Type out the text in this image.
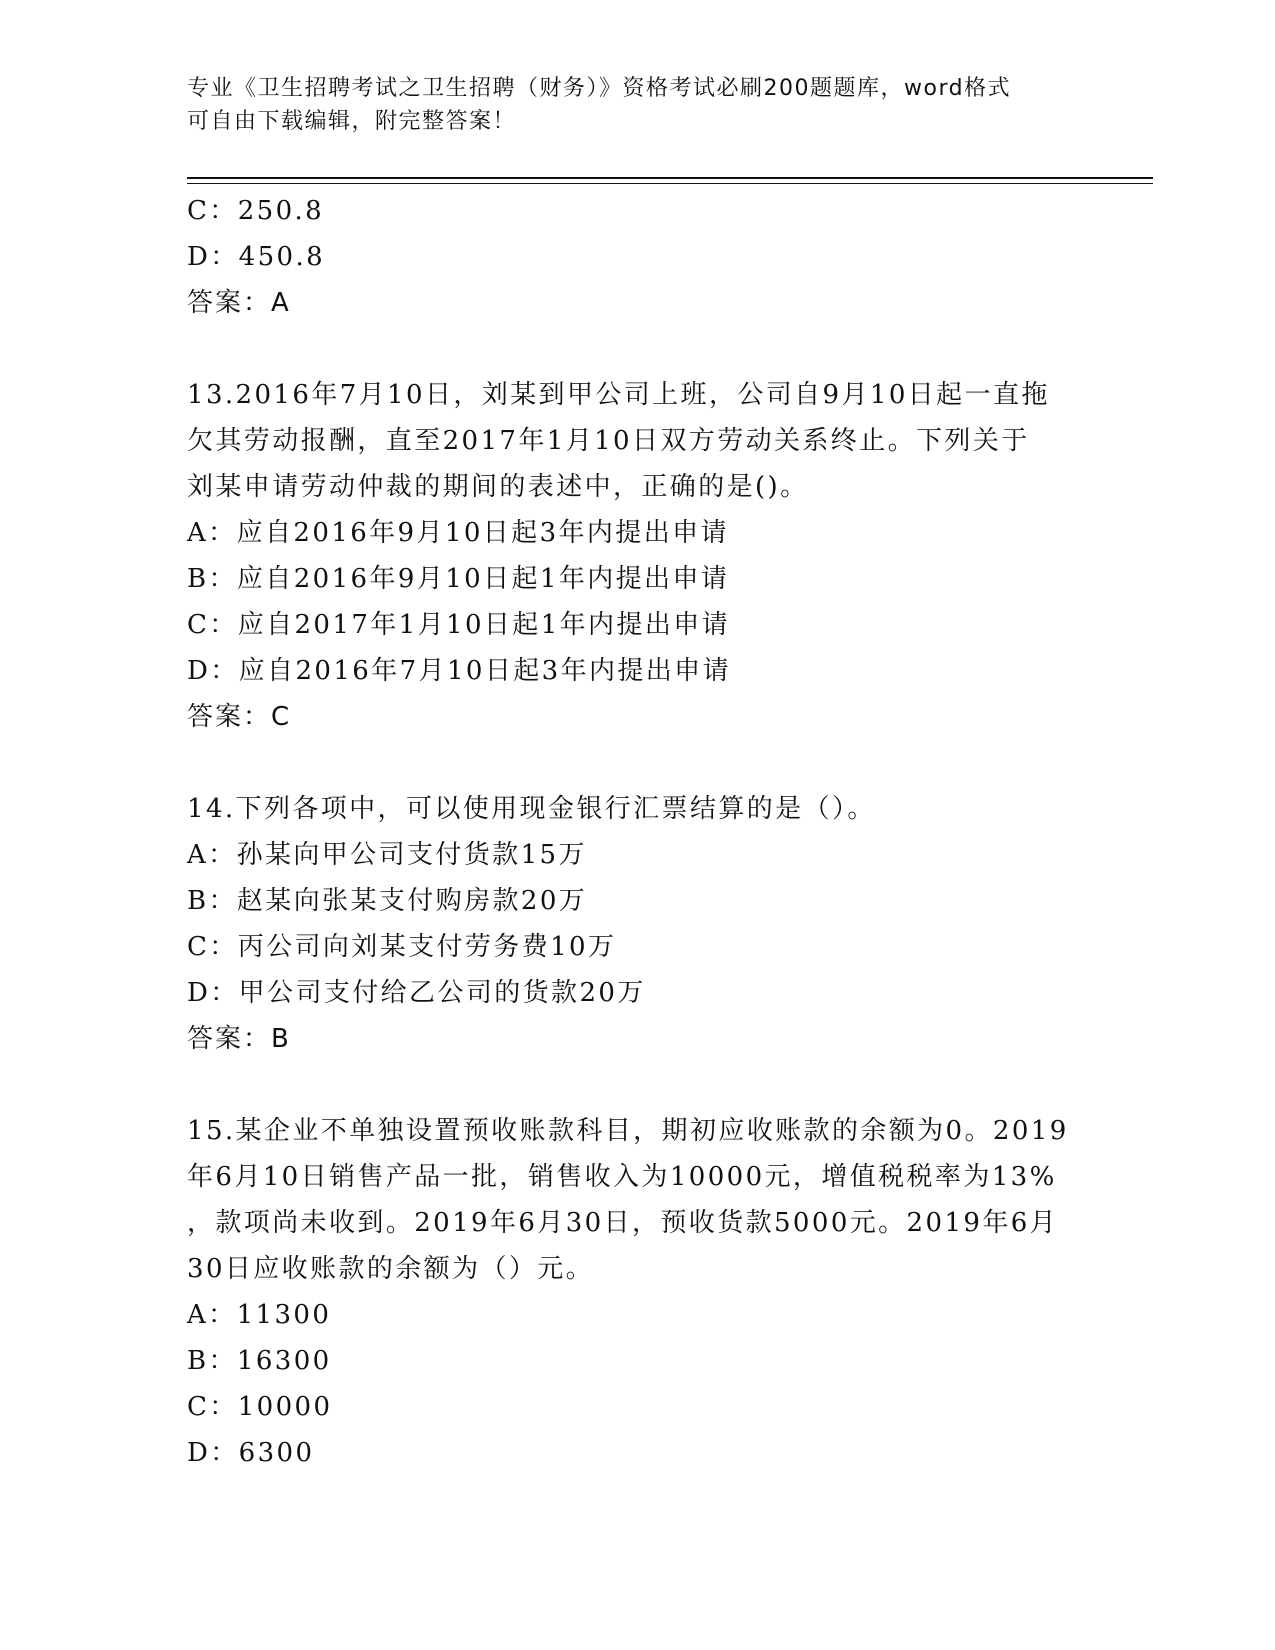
专业《卫生招聘考试之卫生招聘（财务）》资格考试必刷200题题库，word格式
可自由下载编辑，附完整答案！
C：250.8
D：450.8
答案：A
13.2016年7月10日，刘某到甲公司上班，公司自9月10日起一直拖
欠其劳动报酬，直至2017年1月10日双方劳动关系终止。下列关于
刘某申请劳动仲裁的期间的表述中，正确的是()。
A：应自2016年9月10日起3年内提出申请
B：应自2016年9月10日起1年内提出申请
C：应自2017年1月10日起1年内提出申请
D：应自2016年7月10日起3年内提出申请
答案：C
14.下列各项中，可以使用现金银行汇票结算的是（）。
A：孙某向甲公司支付货款15万
B：赵某向张某支付购房款20万
C：丙公司向刘某支付劳务费10万
D：甲公司支付给乙公司的货款20万
答案：B
15.某企业不单独设置预收账款科目，期初应收账款的余额为0。2019
年6月10日销售产品一批，销售收入为10000元，增值税税率为13%
，款项尚未收到。2019年6月30日，预收货款5000元。2019年6月
30日应收账款的余额为（）元。
A：11300
B：16300
C：10000
D：6300
